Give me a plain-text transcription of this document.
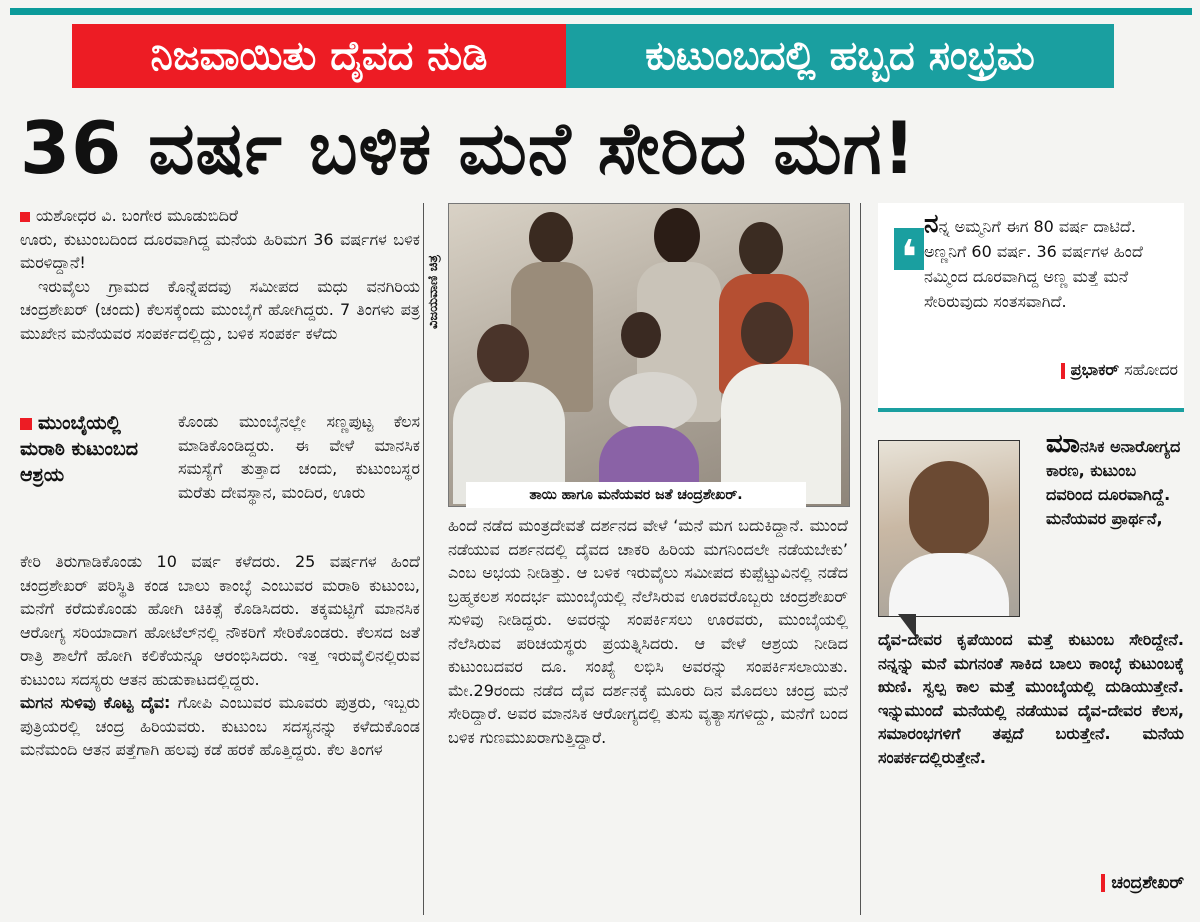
ನಿಜವಾಯಿತು ದೈವದ ನುಡಿ	ಕುಟುಂಬದಲ್ಲಿ ಹಬ್ಬದ ಸಂಭ್ರಮ
36 ವರ್ಷ ಬಳಿಕ ಮನೆ ಸೇರಿದ ಮಗ!

ಯಶೋಧರ ವಿ. ಬಂಗೇರ ಮೂಡುಬಿದಿರೆ

ಊರು, ಕುಟುಂಬದಿಂದ ದೂರವಾಗಿದ್ದ ಮನೆಯ ಹಿರಿಮಗ 36 ವರ್ಷಗಳ ಬಳಿಕ ಮರಳಿದ್ದಾನೆ!

ಇರುವೈಲು ಗ್ರಾಮದ ಕೊನ್ನೆಪದವು ಸಮೀಪದ ಮಧು ವನಗಿರಿಯ ಚಂದ್ರಶೇಖರ್ (ಚಂದು) ಕೆಲಸಕ್ಕೆಂದು ಮುಂಬೈಗೆ ಹೋಗಿದ್ದರು. 7 ತಿಂಗಳು ಪತ್ರ ಮುಖೇನ ಮನೆಯವರ ಸಂಪರ್ಕದಲ್ಲಿದ್ದು, ಬಳಿಕ ಸಂಪರ್ಕ ಕಳೆದು

ಮುಂಬೈಯಲ್ಲಿ ಮರಾಠಿ ಕುಟುಂಬದ ಆಶ್ರಯ

ಕೊಂಡು ಮುಂಬೈನಲ್ಲೇ ಸಣ್ಣಪುಟ್ಟ ಕೆಲಸ ಮಾಡಿಕೊಂಡಿದ್ದರು. ಈ ವೇಳೆ ಮಾನಸಿಕ ಸಮಸ್ಯೆಗೆ ತುತ್ತಾದ ಚಂದು, ಕುಟುಂಬಸ್ಥರ ಮರೆತು ದೇವಸ್ಥಾನ, ಮಂದಿರ, ಊರು

ಕೇರಿ ತಿರುಗಾಡಿಕೊಂಡು 10 ವರ್ಷ ಕಳೆದರು. 25 ವರ್ಷಗಳ ಹಿಂದೆ ಚಂದ್ರಶೇಖರ್ ಪರಿಸ್ಥಿತಿ ಕಂಡ ಬಾಲು ಕಾಂಬ್ಳೆ ಎಂಬುವರ ಮರಾಠಿ ಕುಟುಂಬ, ಮನೆಗೆ ಕರೆದುಕೊಂಡು ಹೋಗಿ ಚಿಕಿತ್ಸೆ ಕೊಡಿಸಿದರು. ತಕ್ಕಮಟ್ಟಿಗೆ ಮಾನಸಿಕ ಆರೋಗ್ಯ ಸರಿಯಾದಾಗ ಹೋಟೆಲ್‌ನಲ್ಲಿ ನೌಕರಿಗೆ ಸೇರಿಕೊಂಡರು. ಕೆಲಸದ ಜತೆ ರಾತ್ರಿ ಶಾಲೆಗೆ ಹೋಗಿ ಕಲಿಕೆಯನ್ನೂ ಆರಂಭಿಸಿದರು. ಇತ್ತ ಇರುವೈಲಿನಲ್ಲಿರುವ ಕುಟುಂಬ ಸದಸ್ಯರು ಆತನ ಹುಡುಕಾಟದಲ್ಲಿದ್ದರು.

ಮಗನ ಸುಳಿವು ಕೊಟ್ಟ ದೈವ: ಗೋಪಿ ಎಂಬುವರ ಮೂವರು ಪುತ್ರರು, ಇಬ್ಬರು ಪುತ್ರಿಯರಲ್ಲಿ ಚಂದ್ರ ಹಿರಿಯವರು. ಕುಟುಂಬ ಸದಸ್ಯನನ್ನು ಕಳೆದುಕೊಂಡ ಮನೆಮಂದಿ ಆತನ ಪತ್ತೆಗಾಗಿ ಹಲವು ಕಡೆ ಹರಕೆ ಹೊತ್ತಿದ್ದರು. ಕೆಲ ತಿಂಗಳ

ವಿಜಯವಾಣಿ ಚಿತ್ರ
ತಾಯಿ ಹಾಗೂ ಮನೆಯವರ ಜತೆ ಚಂದ್ರಶೇಖರ್.

ಹಿಂದೆ ನಡೆದ ಮಂತ್ರದೇವತೆ ದರ್ಶನದ ವೇಳೆ ‘ಮನೆ ಮಗ ಬದುಕಿದ್ದಾನೆ. ಮುಂದೆ ನಡೆಯುವ ದರ್ಶನದಲ್ಲಿ ದೈವದ ಚಾಕರಿ ಹಿರಿಯ ಮಗನಿಂದಲೇ ನಡೆಯಬೇಕು’ ಎಂಬ ಅಭಯ ನೀಡಿತ್ತು. ಆ ಬಳಿಕ ಇರುವೈಲು ಸಮೀಪದ ಕುಪ್ಪೆಟ್ಟುವಿನಲ್ಲಿ ನಡೆದ ಬ್ರಹ್ಮಕಲಶ ಸಂದರ್ಭ ಮುಂಬೈಯಲ್ಲಿ ನೆಲೆಸಿರುವ ಊರವರೊಬ್ಬರು ಚಂದ್ರಶೇಖರ್ ಸುಳಿವು ನೀಡಿದ್ದರು. ಅವರನ್ನು ಸಂಪರ್ಕಿಸಲು ಊರವರು, ಮುಂಬೈಯಲ್ಲಿ ನೆಲೆಸಿರುವ ಪರಿಚಯಸ್ಥರು ಪ್ರಯತ್ನಿಸಿದರು. ಆ ವೇಳೆ ಆಶ್ರಯ ನೀಡಿದ ಕುಟುಂಬದವರ ದೂ. ಸಂಖ್ಯೆ ಲಭಿಸಿ ಅವರನ್ನು ಸಂಪರ್ಕಿಸಲಾಯಿತು. ಮೇ.29ರಂದು ನಡೆದ ದೈವ ದರ್ಶನಕ್ಕೆ ಮೂರು ದಿನ ಮೊದಲು ಚಂದ್ರ ಮನೆ ಸೇರಿದ್ದಾರೆ. ಅವರ ಮಾನಸಿಕ ಆರೋಗ್ಯದಲ್ಲಿ ತುಸು ವ್ಯತ್ಯಾಸಗಳಿದ್ದು, ಮನೆಗೆ ಬಂದ ಬಳಿಕ ಗುಣಮುಖರಾಗುತ್ತಿದ್ದಾರೆ.

❛
ನನ್ನ ಅಮ್ಮನಿಗೆ ಈಗ 80 ವರ್ಷ ದಾಟಿದೆ. ಅಣ್ಣನಿಗೆ 60 ವರ್ಷ. 36 ವರ್ಷಗಳ ಹಿಂದೆ ನಮ್ಮಿಂದ ದೂರವಾಗಿದ್ದ ಅಣ್ಣ ಮತ್ತೆ ಮನೆ ಸೇರಿರುವುದು ಸಂತಸವಾಗಿದೆ.
ಪ್ರಭಾಕರ್ ಸಹೋದರ
ಮಾನಸಿಕ ಅನಾರೋಗ್ಯದ ಕಾರಣ, ಕುಟುಂಬ ದವರಿಂದ ದೂರವಾಗಿದ್ದೆ. ಮನೆಯವರ ಪ್ರಾರ್ಥನೆ,
ದೈವ-ದೇವರ ಕೃಪೆಯಿಂದ ಮತ್ತೆ ಕುಟುಂಬ ಸೇರಿದ್ದೇನೆ. ನನ್ನನ್ನು ಮನೆ ಮಗನಂತೆ ಸಾಕಿದ ಬಾಲು ಕಾಂಬ್ಳೆ ಕುಟುಂಬಕ್ಕೆ ಋಣಿ. ಸ್ವಲ್ಪ ಕಾಲ ಮತ್ತೆ ಮುಂಬೈಯಲ್ಲಿ ದುಡಿಯುತ್ತೇನೆ. ಇನ್ನುಮುಂದೆ ಮನೆಯಲ್ಲಿ ನಡೆಯುವ ದೈವ-ದೇವರ ಕೆಲಸ, ಸಮಾರಂಭಗಳಿಗೆ ತಪ್ಪದೆ ಬರುತ್ತೇನೆ. ಮನೆಯ ಸಂಪರ್ಕದಲ್ಲಿರುತ್ತೇನೆ.
ಚಂದ್ರಶೇಖರ್
